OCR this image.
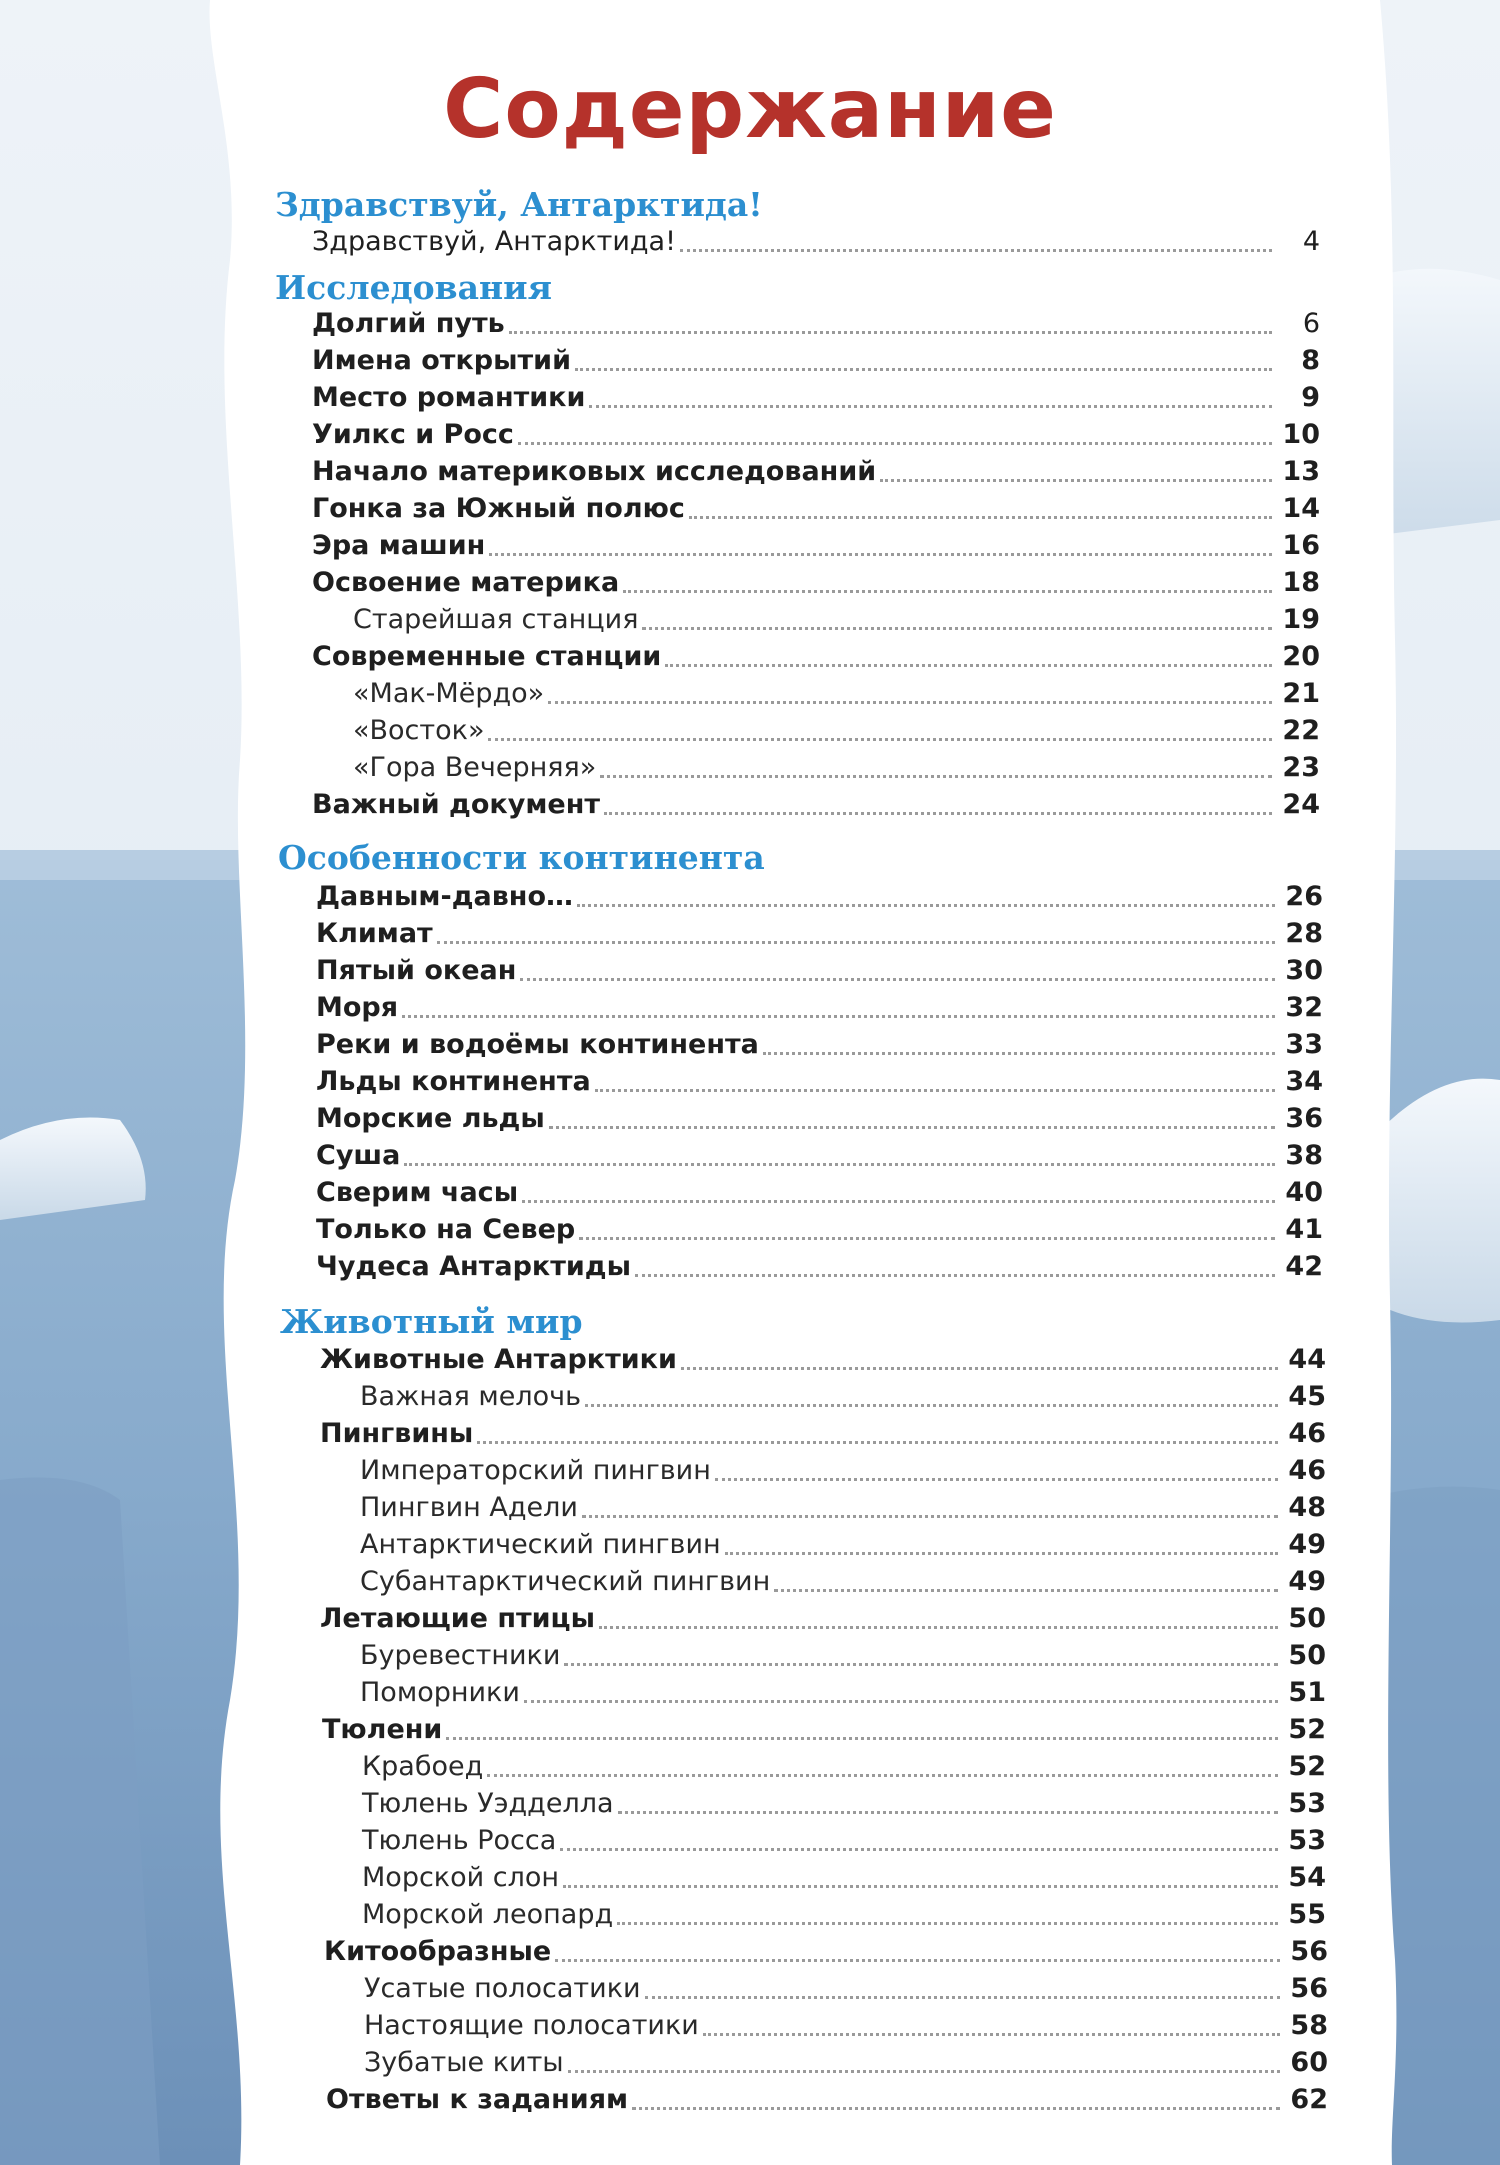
Содержание
Здравствуй, Антарктида!
Здравствуй, Антарктида!	4
Исследования
Долгий путь	6
Имена открытий	8
Место романтики	9
Уилкс и Росс	10
Начало материковых исследований	13
Гонка за Южный полюс	14
Эра машин	16
Освоение материка	18
Старейшая станция	19
Современные станции	20
«Мак-Мёрдо»	21
«Восток»	22
«Гора Вечерняя»	23
Важный документ	24
Особенности континента
Давным-давно…	26
Климат	28
Пятый океан	30
Моря	32
Реки и водоёмы континента	33
Льды континента	34
Морские льды	36
Суша	38
Сверим часы	40
Только на Север	41
Чудеса Антарктиды	42
Животный мир
Животные Антарктики	44
Важная мелочь	45
Пингвины	46
Императорский пингвин	46
Пингвин Адели	48
Антарктический пингвин	49
Субантарктический пингвин	49
Летающие птицы	50
Буревестники	50
Поморники	51
Тюлени	52
Крабоед	52
Тюлень Уэдделла	53
Тюлень Росса	53
Морской слон	54
Морской леопард	55
Китообразные	56
Усатые полосатики	56
Настоящие полосатики	58
Зубатые киты	60
Ответы к заданиям	62
